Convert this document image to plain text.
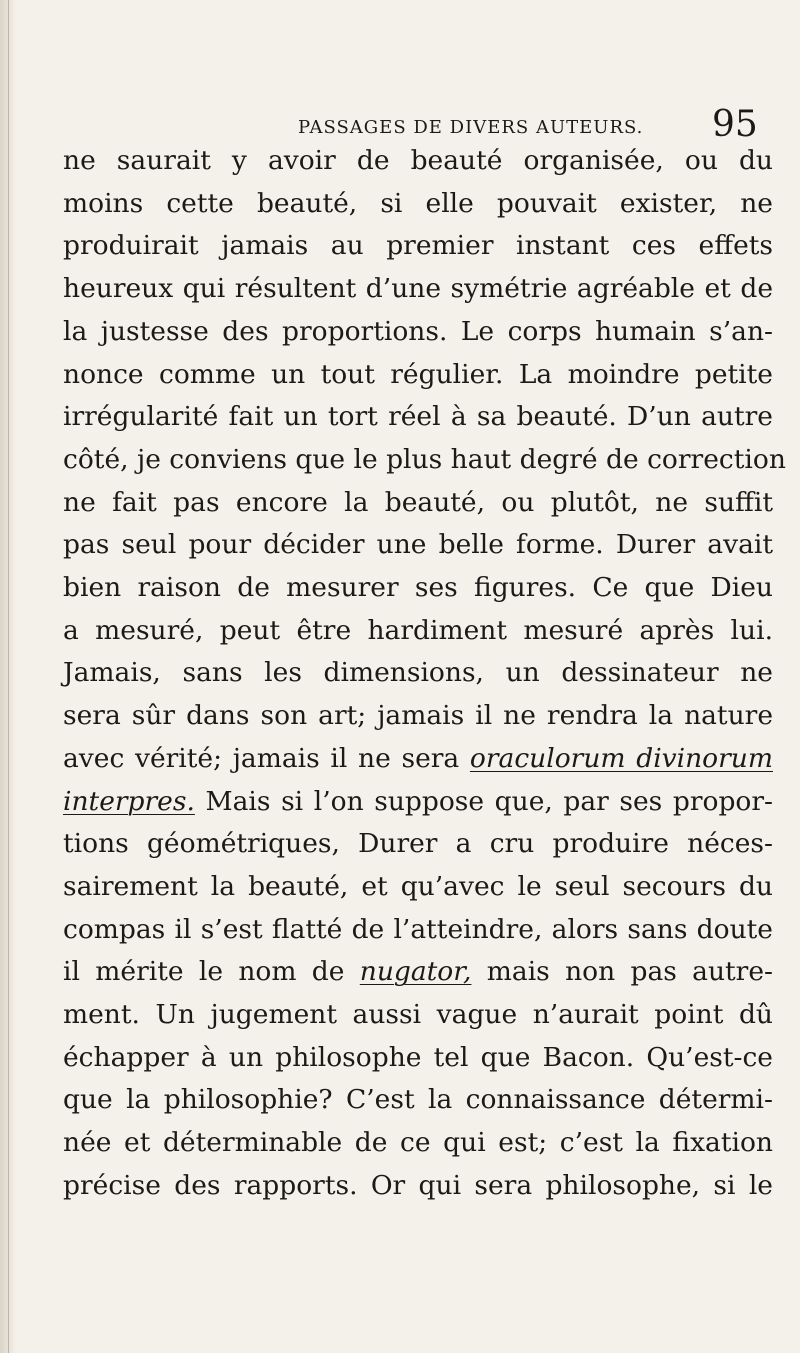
PASSAGES DE DIVERS AUTEURS. 95
ne saurait y avoir de beauté organisée, ou du
moins cette beauté, si elle pouvait exister, ne
produirait jamais au premier instant ces effets
heureux qui résultent d’une symétrie agréable et de
la justesse des proportions. Le corps humain s’an-
nonce comme un tout régulier. La moindre petite
irrégularité fait un tort réel à sa beauté. D’un autre
côté, je conviens que le plus haut degré de correction
ne fait pas encore la beauté, ou plutôt, ne suffit
pas seul pour décider une belle forme. Durer avait
bien raison de mesurer ses figures. Ce que Dieu
a mesuré, peut être hardiment mesuré après lui.
Jamais, sans les dimensions, un dessinateur ne
sera sûr dans son art; jamais il ne rendra la nature
avec vérité; jamais il ne sera oraculorum divinorum
interpres. Mais si l’on suppose que, par ses propor-
tions géométriques, Durer a cru produire néces-
sairement la beauté, et qu’avec le seul secours du
compas il s’est flatté de l’atteindre, alors sans doute
il mérite le nom de nugator, mais non pas autre-
ment. Un jugement aussi vague n’aurait point dû
échapper à un philosophe tel que Bacon. Qu’est-ce
que la philosophie? C’est la connaissance détermi-
née et déterminable de ce qui est; c’est la fixation
précise des rapports. Or qui sera philosophe, si le
